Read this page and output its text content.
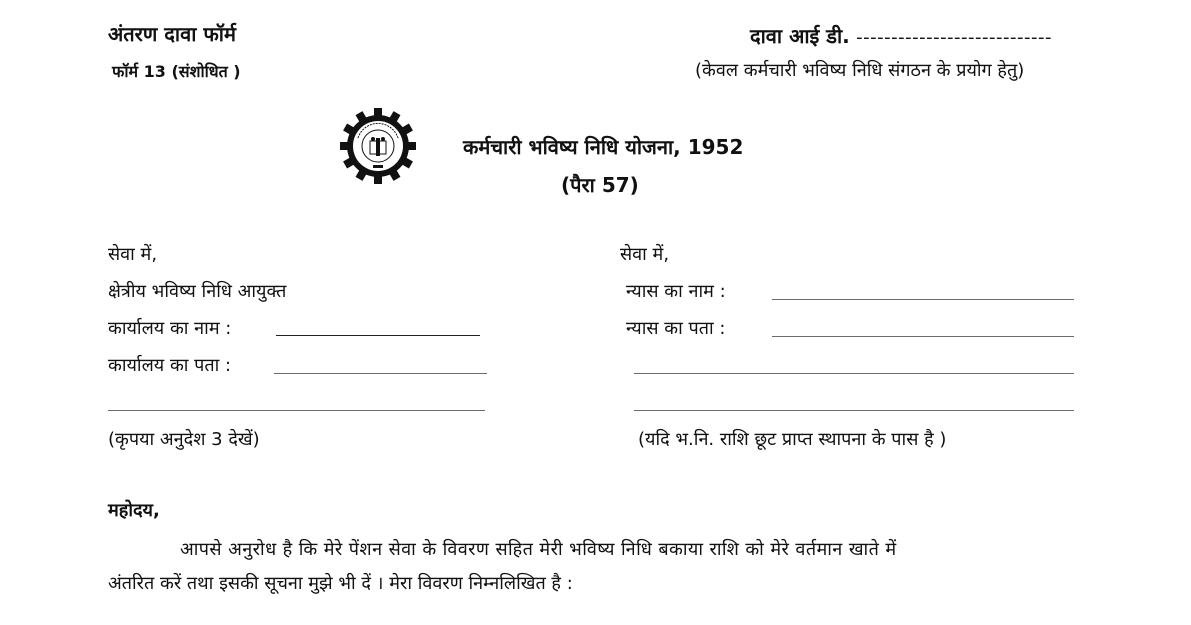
अंतरण दावा फॉर्म
फॉर्म 13 (संशोधित )
दावा आई डी. ----------------------------
(केवल कर्मचारी भविष्य निधि संगठन के प्रयोग हेतु)
कर्मचारी भविष्य निधि योजना, 1952
(पैरा 57)
सेवा में,
क्षेत्रीय भविष्य निधि आयुक्त
कार्यालय का नाम :
कार्यालय का पता :
(कृपया अनुदेश 3 देखें)
सेवा में,
न्यास का नाम :
न्यास का पता :
(यदि भ.नि. राशि छूट प्राप्त स्थापना के पास है )
महोदय,
आपसे अनुरोध है कि मेरे पेंशन सेवा के विवरण सहित मेरी भविष्य निधि बकाया राशि को मेरे वर्तमान खाते में
अंतरित करें तथा इसकी सूचना मुझे भी दें । मेरा विवरण निम्नलिखित है :
